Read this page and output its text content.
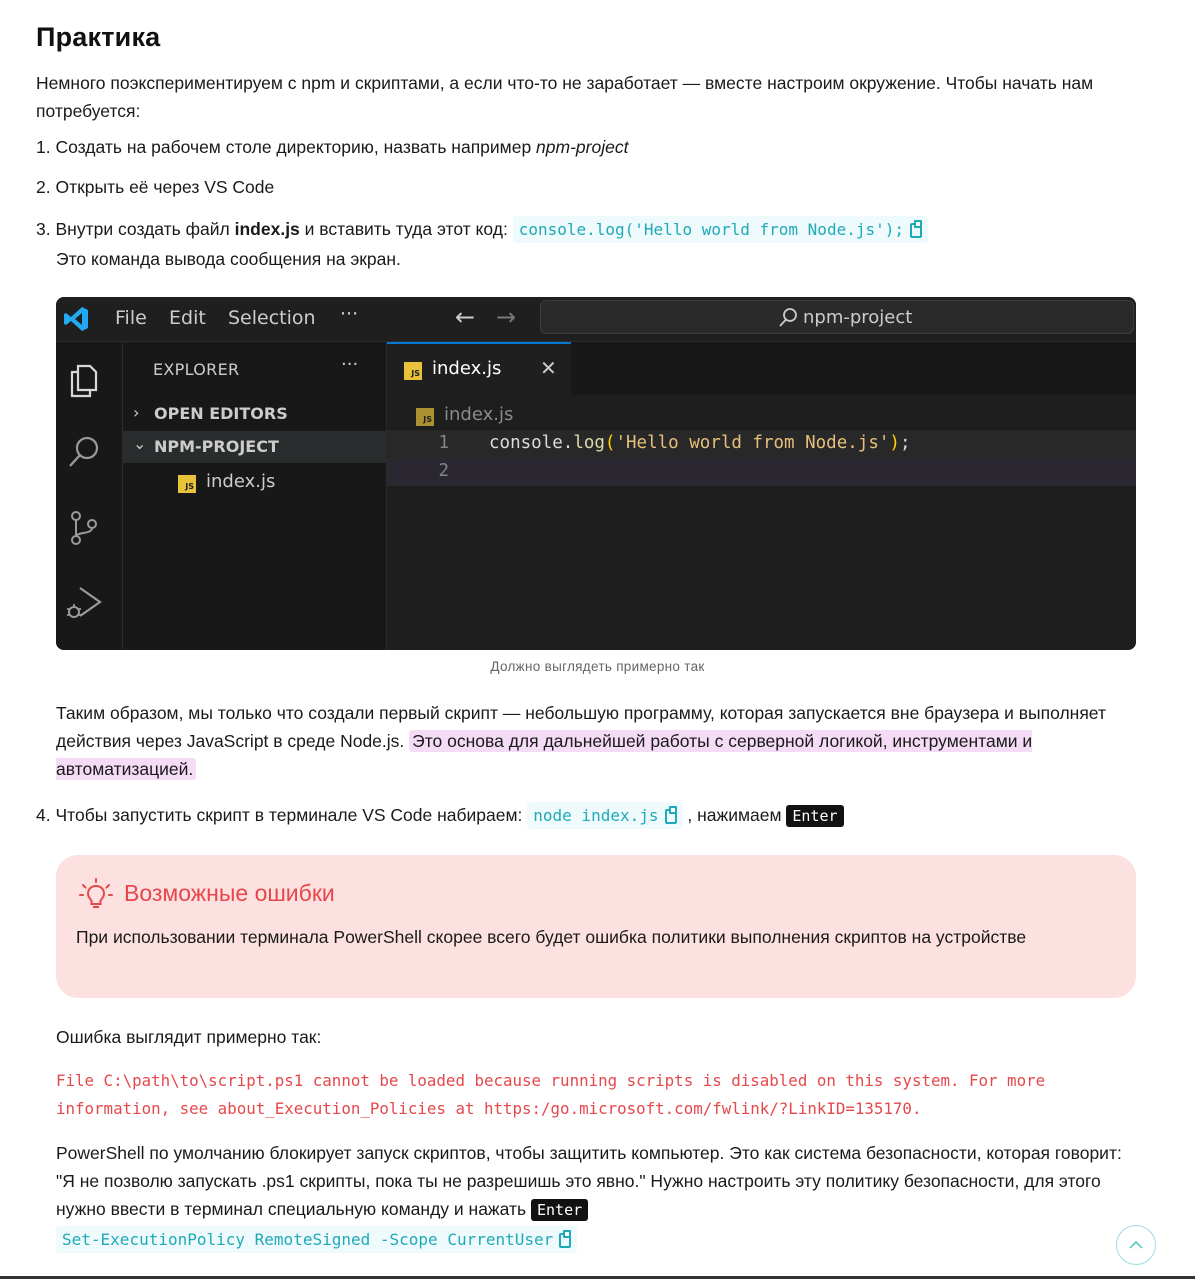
Практика

Немного поэкспериментируем с npm и скриптами, а если что-то не заработает — вместе настроим окружение. Чтобы начать нам потребуется:

1. Создать на рабочем столе директорию, назвать например npm-project

2. Открыть её через VS Code

3. Внутри создать файл index.js и вставить туда этот код: console.log('Hello world from Node.js');

Это команда вывода сообщения на экран.

File Edit Selection ···	← →	npm-project
EXPLORER	···
› OPEN EDITORS
⌄ NPM-PROJECT
JS index.js
JS index.js ✕
JS index.js
1 console.log('Hello world from Node.js');
2
Должно выглядеть примерно так

Таким образом, мы только что создали первый скрипт — небольшую программу, которая запускается вне браузера и выполняет действия через JavaScript в среде Node.js. Это основа для дальнейшей работы с серверной логикой, инструментами и автоматизацией.

4. Чтобы запустить скрипт в терминале VS Code набираем: node index.js , нажимаем Enter

Возможные ошибки
При использовании терминала PowerShell скорее всего будет ошибка политики выполнения скриптов на устройстве

Ошибка выглядит примерно так:

File C:\path\to\script.ps1 cannot be loaded because running scripts is disabled on this system. For more information, see about_Execution_Policies at https:/go.microsoft.com/fwlink/?LinkID=135170.

PowerShell по умолчанию блокирует запуск скриптов, чтобы защитить компьютер. Это как система безопасности, которая говорит: "Я не позволю запускать .ps1 скрипты, пока ты не разрешишь это явно." Нужно настроить эту политику безопасности, для этого нужно ввести в терминал специальную команду и нажать Enter

Set-ExecutionPolicy RemoteSigned -Scope CurrentUser
